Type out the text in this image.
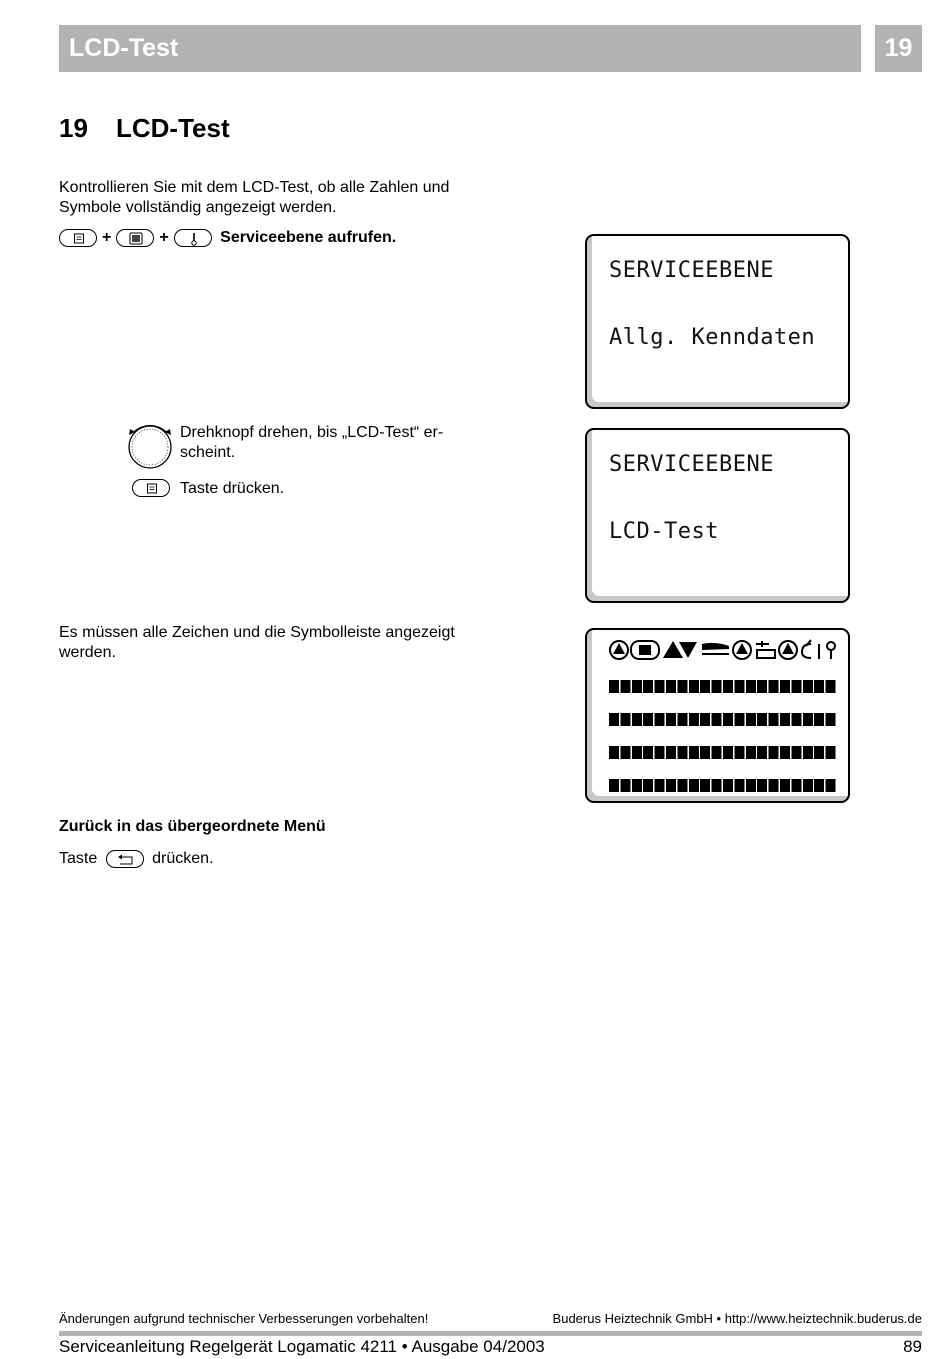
LCD-Test	19
19 LCD-Test
Kontrollieren Sie mit dem LCD-Test, ob alle Zahlen und Symbole vollständig angezeigt werden.
+	+	Serviceebene aufrufen.
Drehknopf drehen, bis „LCD-Test“ er- scheint.
Taste drücken.
Es müssen alle Zeichen und die Symbolleiste angezeigt werden.
Zurück in das übergeordnete Menü
Taste	drücken.
SERVICEEBENE
Allg. Kenndaten
SERVICEEBENE
LCD-Test
Änderungen aufgrund technischer Verbesserungen vorbehalten!	Buderus Heiztechnik GmbH • http://www.heiztechnik.buderus.de
Serviceanleitung Regelgerät Logamatic 4211 • Ausgabe 04/2003	89
